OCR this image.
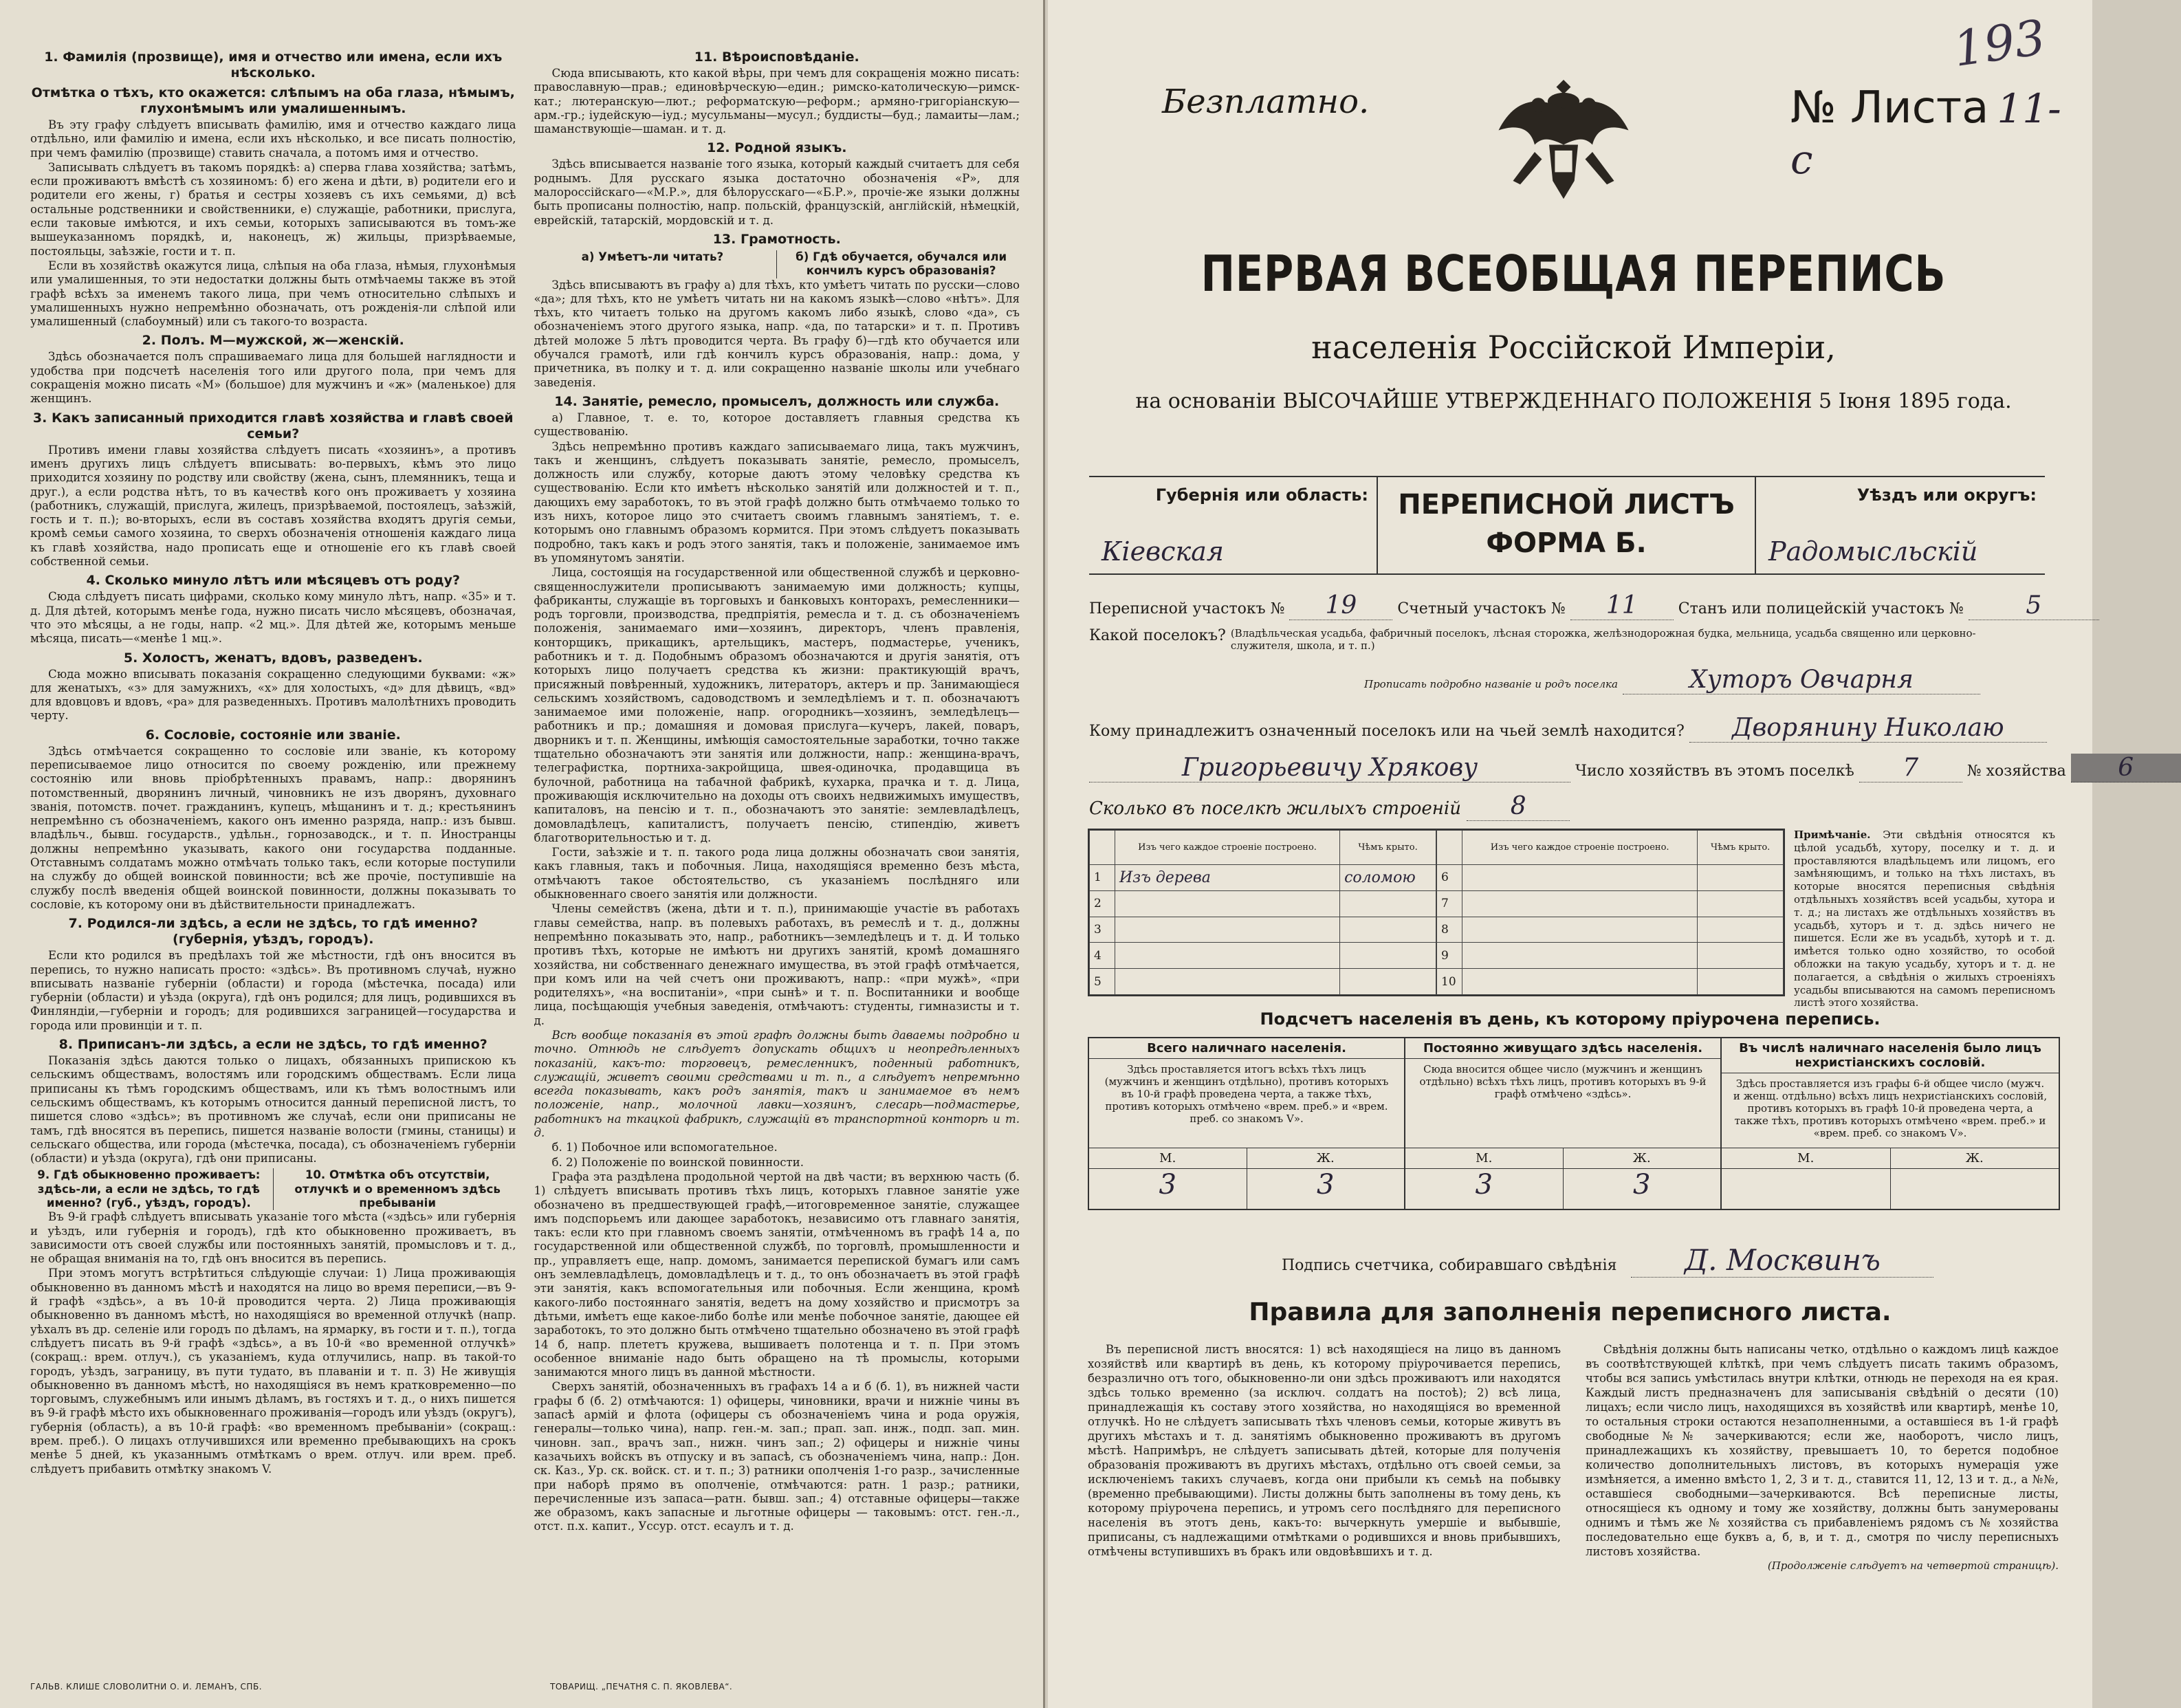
1. Фамилія (прозвище), имя и отчество или имена, если ихъ нѣсколько.
Отмѣтка о тѣхъ, кто окажется: слѣпымъ на оба глаза, нѣмымъ, глухонѣмымъ или умалишеннымъ.

Въ эту графу слѣдуетъ вписывать фамилію, имя и отчество каждаго лица отдѣльно, или фамилію и имена, если ихъ нѣсколько, и все писать полностію, при чемъ фамилію (прозвище) ставить сначала, а потомъ имя и отчество.

Записывать слѣдуетъ въ такомъ порядкѣ: а) сперва глава хозяйства; затѣмъ, если проживаютъ вмѣстѣ съ хозяиномъ: б) его жена и дѣти, в) родители его и родители его жены, г) братья и сестры хозяевъ съ ихъ семьями, д) всѣ остальные родственники и свойственники, е) служащіе, работники, прислуга, если таковые имѣются, и ихъ семьи, которыхъ записываются въ томъ-же вышеуказанномъ порядкѣ, и, наконецъ, ж) жильцы, призрѣваемые, постояльцы, заѣзжіе, гости и т. п.

Если въ хозяйствѣ окажутся лица, слѣпыя на оба глаза, нѣмыя, глухонѣмыя или умалишенныя, то эти недостатки должны быть отмѣчаемы также въ этой графѣ всѣхъ за именемъ такого лица, при чемъ относительно слѣпыхъ и умалишенныхъ нужно непремѣнно обозначать, отъ рожденія-ли слѣпой или умалишенный (слабоумный) или съ такого-то возраста.

2. Полъ. М—мужской, ж—женскій.

Здѣсь обозначается полъ спрашиваемаго лица для большей наглядности и удобства при подсчетѣ населенія того или другого пола, при чемъ для сокращенія можно писать «М» (большое) для мужчинъ и «ж» (маленькое) для женщинъ.

3. Какъ записанный приходится главѣ хозяйства и главѣ своей семьи?

Противъ имени главы хозяйства слѣдуетъ писать «хозяинъ», а противъ именъ другихъ лицъ слѣдуетъ вписывать: во-первыхъ, кѣмъ это лицо приходится хозяину по родству или свойству (жена, сынъ, племянникъ, теща и друг.), а если родства нѣтъ, то въ качествѣ кого онъ проживаетъ у хозяина (работникъ, служащій, прислуга, жилецъ, призрѣваемой, постоялецъ, заѣзжій, гость и т. п.); во-вторыхъ, если въ составъ хозяйства входятъ другія семьи, кромѣ семьи самого хозяина, то сверхъ обозначенія отношенія каждаго лица къ главѣ хозяйства, надо прописать еще и отношеніе его къ главѣ своей собственной семьи.

4. Сколько минуло лѣтъ или мѣсяцевъ отъ роду?

Сюда слѣдуетъ писать цифрами, сколько кому минуло лѣтъ, напр. «35» и т. д. Для дѣтей, которымъ менѣе года, нужно писать число мѣсяцевъ, обозначая, что это мѣсяцы, а не годы, напр. «2 мц.». Для дѣтей же, которымъ меньше мѣсяца, писать—«менѣе 1 мц.».

5. Холостъ, женатъ, вдовъ, разведенъ.

Сюда можно вписывать показанія сокращенно следующими буквами: «ж» для женатыхъ, «з» для замужнихъ, «х» для холостыхъ, «д» для дѣвицъ, «вд» для вдовцовъ и вдовъ, «ра» для разведенныхъ. Противъ малолѣтнихъ проводить черту.

6. Сословіе, состояніе или званіе.

Здѣсь отмѣчается сокращенно то сословіе или званіе, къ которому переписываемое лицо относится по своему рожденію, или прежнему состоянію или вновь пріобрѣтенныхъ правамъ, напр.: дворянинъ потомственный, дворянинъ личный, чиновникъ не изъ дворянъ, духовнаго званія, потомств. почет. гражданинъ, купецъ, мѣщанинъ и т. д.; крестьянинъ непремѣнно съ обозначеніемъ, какого онъ именно разряда, напр.: изъ бывш. владѣльч., бывш. государств., удѣльн., горнозаводск., и т. п. Иностранцы должны непремѣнно указывать, какого они государства подданные. Отставнымъ солдатамъ можно отмѣчать только такъ, если которые поступили на службу до общей воинской повинности; всѣ же прочіе, поступившіе на службу послѣ введенія общей воинской повинности, должны показывать то сословіе, къ которому они въ дѣйствительности принадлежатъ.

7. Родился-ли здѣсь, а если не здѣсь, то гдѣ именно? (губернія, уѣздъ, городъ).

Если кто родился въ предѣлахъ той же мѣстности, гдѣ онъ вносится въ перепись, то нужно написать просто: «здѣсь». Въ противномъ случаѣ, нужно вписывать названіе губерніи (области) и города (мѣстечка, посада) или губерніи (области) и уѣзда (округа), гдѣ онъ родился; для лицъ, родившихся въ Финляндіи,—губерніи и городъ; для родившихся заграницей—государства и города или провинціи и т. п.

8. Приписанъ-ли здѣсь, а если не здѣсь, то гдѣ именно?

Показанія здѣсь даются только о лицахъ, обязанныхъ припискою къ сельскимъ обществамъ, волостямъ или городскимъ обществамъ. Если лица приписаны къ тѣмъ городскимъ обществамъ, или къ тѣмъ волостнымъ или сельскимъ обществамъ, къ которымъ относится данный переписной листъ, то пишется слово «здѣсь»; въ противномъ же случаѣ, если они приписаны не тамъ, гдѣ вносятся въ перепись, пишется названіе волости (гмины, станицы) и сельскаго общества, или города (мѣстечка, посада), съ обозначеніемъ губерніи (области) и уѣзда (округа), гдѣ они приписаны.

9. Гдѣ обыкновенно проживаетъ: здѣсь-ли, а если не здѣсь, то гдѣ именно? (губ., уѣздъ, городъ).
10. Отмѣтка объ отсутствіи, отлучкѣ и о временномъ здѣсь пребываніи

Въ 9-й графѣ слѣдуетъ вписывать указаніе того мѣста («здѣсь» или губернія и уѣздъ, или губернія и городъ), гдѣ кто обыкновенно проживаетъ, въ зависимости отъ своей службы или постоянныхъ занятій, промысловъ и т. д., не обращая вниманія на то, гдѣ онъ вносится въ перепись.

При этомъ могутъ встрѣтиться слѣдующіе случаи: 1) Лица проживающія обыкновенно въ данномъ мѣстѣ и находятся на лицо во время переписи,—въ 9-й графѣ «здѣсь», а въ 10-й проводится черта. 2) Лица проживающія обыкновенно въ данномъ мѣстѣ, но находящіяся во временной отлучкѣ (напр. уѣхалъ въ др. селеніе или городъ по дѣламъ, на ярмарку, въ гости и т. п.), тогда слѣдуетъ писать въ 9-й графѣ «здѣсь», а въ 10-й «во временной отлучкѣ» (сокращ.: врем. отлуч.), съ указаніемъ, куда отлучились, напр. въ такой-то городъ, уѣздъ, заграницу, въ пути тудато, въ плаваніи и т. п. 3) Не живущія обыкновенно въ данномъ мѣстѣ, но находящіяся въ немъ кратковременно—по торговымъ, служебнымъ или инымъ дѣламъ, въ гостяхъ и т. д., о нихъ пишется въ 9-й графѣ мѣсто ихъ обыкновеннаго проживанія—городъ или уѣздъ (округъ), губернія (область), а въ 10-й графѣ: «во временномъ пребываніи» (сокращ.: врем. преб.). О лицахъ отлучившихся или временно пребывающихъ на срокъ менѣе 5 дней, къ указаннымъ отмѣткамъ о врем. отлуч. или врем. преб. слѣдуетъ прибавить отмѣтку знакомъ V.

11. Вѣроисповѣданіе.

Сюда вписывають, кто какой вѣры, при чемъ для сокращенія можно писать: православную—прав.; единовѣрческую—един.; римско-католическую—римск-кат.; лютеранскую—лют.; реформатскую—реформ.; армяно-григоріанскую—арм.-гр.; іудейскую—іуд.; мусульманы—мусул.; буддисты—буд.; ламаиты—лам.; шаманствующіе—шаман. и т. д.

12. Родной языкъ.

Здѣсь вписывается названіе того языка, который каждый считаетъ для себя роднымъ. Для русскаго языка достаточно обозначенія «Р», для малороссійскаго—«М.Р.», для бѣлорусскаго—«Б.Р.», прочіе-же языки должны быть прописаны полностію, напр. польскій, французскій, англійскій, нѣмецкій, еврейскій, татарскій, мордовскій и т. д.

13. Грамотность.
а) Умѣетъ-ли читать?	б) Гдѣ обучается, обучался или кончилъ курсъ образованія?

Здѣсь вписываютъ въ графу а) для тѣхъ, кто умѣетъ читать по русски—слово «да»; для тѣхъ, кто не умѣетъ читать ни на какомъ языкѣ—слово «нѣтъ». Для тѣхъ, кто читаетъ только на другомъ какомъ либо языкѣ, слово «да», съ обозначеніемъ этого другого языка, напр. «да, по татарски» и т. п. Противъ дѣтей моложе 5 лѣтъ проводится черта. Въ графу б)—гдѣ кто обучается или обучался грамотѣ, или гдѣ кончилъ курсъ образованія, напр.: дома, у причетника, въ полку и т. д. или сокращенно названіе школы или учебнаго заведенія.

14. Занятіе, ремесло, промыселъ, должность или служба.

а) Главное, т. е. то, которое доставляетъ главныя средства къ существованію.

Здѣсь непремѣнно противъ каждаго записываемаго лица, такъ мужчинъ, такъ и женщинъ, слѣдуетъ показывать занятіе, ремесло, промыселъ, должность или службу, которые даютъ этому человѣку средства къ существованію. Если кто имѣетъ нѣсколько занятій или должностей и т. п., дающихъ ему заработокъ, то въ этой графѣ должно быть отмѣчаемо только то изъ нихъ, которое лицо это считаетъ своимъ главнымъ занятіемъ, т. е. которымъ оно главнымъ образомъ кормится. При этомъ слѣдуетъ показывать подробно, такъ какъ и родъ этого занятія, такъ и положеніе, занимаемое имъ въ упомянутомъ занятіи.

Лица, состоящія на государственной или общественной службѣ и церковно-священнослужители прописываютъ занимаемую ими должность; купцы, фабриканты, служащіе въ торговыхъ и банковыхъ конторахъ, ремесленники—родъ торговли, производства, предпріятія, ремесла и т. д. съ обозначеніемъ положенія, занимаемаго ими—хозяинъ, директоръ, членъ правленія, конторщикъ, прикащикъ, артельщикъ, мастеръ, подмастерье, ученикъ, работникъ и т. д. Подобнымъ образомъ обозначаются и другія занятія, отъ которыхъ лицо получаетъ средства къ жизни: практикующій врачъ, присяжный повѣренный, художникъ, литераторъ, актеръ и пр. Занимающіеся сельскимъ хозяйствомъ, садоводствомъ и земледѣліемъ и т. п. обозначаютъ занимаемое ими положеніе, напр. огородникъ—хозяинъ, земледѣлецъ—работникъ и пр.; домашняя и домовая прислуга—кучеръ, лакей, поваръ, дворникъ и т. п. Женщины, имѣющія самостоятельные заработки, точно также тщательно обозначаютъ эти занятія или должности, напр.: женщина-врачъ, телеграфистка, портниха-закройщица, швея-одиночка, продавщица въ булочной, работница на табачной фабрикѣ, кухарка, прачка и т. д. Лица, проживающія исключительно на доходы отъ своихъ недвижимыхъ имуществъ, капиталовъ, на пенсію и т. п., обозначаютъ это занятіе: землевладѣлецъ, домовладѣлецъ, капиталистъ, получаетъ пенсію, стипендію, живетъ благотворительностью и т. д.

Гости, заѣзжіе и т. п. такого рода лица должны обозначать свои занятія, какъ главныя, такъ и побочныя. Лица, находящіяся временно безъ мѣста, отмѣчаютъ такое обстоятельство, съ указаніемъ послѣдняго или обыкновеннаго своего занятія или должности.

Члены семействъ (жена, дѣти и т. п.), принимающіе участіе въ работахъ главы семейства, напр. въ полевыхъ работахъ, въ ремеслѣ и т. д., должны непремѣнно показывать это, напр., работникъ—земледѣлецъ и т. д. И только противъ тѣхъ, которые не имѣютъ ни другихъ занятій, кромѣ домашняго хозяйства, ни собственнаго денежнаго имущества, въ этой графѣ отмѣчается, при комъ или на чей счетъ они проживаютъ, напр.: «при мужѣ», «при родителяхъ», «на воспитаніи», «при сынѣ» и т. п. Воспитанники и вообще лица, посѣщающія учебныя заведенія, отмѣчаютъ: студенты, гимназисты и т. д.

Всѣ вообще показанія въ этой графѣ должны быть даваемы подробно и точно. Отнюдь не слѣдуетъ допускать общихъ и неопредѣленныхъ показаній, какъ-то: торговецъ, ремесленникъ, поденный работникъ, служащій, живетъ своими средствами и т. п., а слѣдуетъ непремѣнно всегда показывать, какъ родъ занятія, такъ и занимаемое въ немъ положеніе, напр., молочной лавки—хозяинъ, слесарь—подмастерье, работникъ на ткацкой фабрикѣ, служащій въ транспортной конторѣ и т. д.

б. 1) Побочное или вспомогательное.

б. 2) Положеніе по воинской повинности.

Графа эта раздѣлена продольной чертой на двѣ части; въ верхнюю часть (б. 1) слѣдуетъ вписывать противъ тѣхъ лицъ, которыхъ главное занятіе уже обозначено въ предшествующей графѣ,—итоговременное занятіе, служащее имъ подспорьемъ или дающее заработокъ, независимо отъ главнаго занятія, такъ: если кто при главномъ своемъ занятіи, отмѣченномъ въ графѣ 14 а, по государственной или общественной службѣ, по торговлѣ, промышленности и пр., управляетъ еще, напр. домомъ, занимается перепиской бумагъ или самъ онъ землевладѣлецъ, домовладѣлецъ и т. д., то онъ обозначаетъ въ этой графѣ эти занятія, какъ вспомогательныя или побочныя. Если женщина, кромѣ какого-либо постояннаго занятія, ведетъ на дому хозяйство и присмотръ за дѣтьми, имѣетъ еще какое-либо болѣе или менѣе побочное занятіе, дающее ей заработокъ, то это должно быть отмѣчено тщательно обозначено въ этой графѣ 14 б, напр. плететъ кружева, вышиваетъ полотенца и т. п. При этомъ особенное вниманіе надо быть обращено на тѣ промыслы, которыми занимаются много лицъ въ данной мѣстности.

Сверхъ занятій, обозначенныхъ въ графахъ 14 а и б (б. 1), въ нижней части графы б (б. 2) отмѣчаются: 1) офицеры, чиновники, врачи и нижніе чины въ запасѣ армій и флота (офицеры съ обозначеніемъ чина и рода оружія, генералы—только чина), напр. ген.-м. зап.; прап. зап. инж., подп. зап. мин. чиновн. зап., врачъ зап., нижн. чинъ зап.; 2) офицеры и нижніе чины казачьихъ войскъ въ отпуску и въ запасѣ, съ обозначеніемъ чина, напр.: Дон. ск. Каз., Ур. ск. войск. ст. и т. п.; 3) ратники ополченія 1-го разр., зачисленные при наборѣ прямо въ ополченіе, отмѣчаются: ратн. 1 разр.; ратники, перечисленные изъ запаса—ратн. бывш. зап.; 4) отставные офицеры—также же образомъ, какъ запасные и льготные офицеры — таковымъ: отст. ген.-л., отст. п.х. капит., Уссур. отст. есаулъ и т. д.

ГАЛЬВ. КЛИШЕ СЛОВОЛИТНИ О. И. ЛЕМАНЪ, СПБ.	ТОВАРИЩ. „ПЕЧАТНЯ С. П. ЯКОВЛЕВА“.
Безплатно.	№ Листа 11-с
193
ПЕРВАЯ ВСЕОБЩАЯ ПЕРЕПИСЬ
населенія Россійской Имперіи,
на основаніи ВЫСОЧАЙШЕ УТВЕРЖДЕННАГО ПОЛОЖЕНІЯ 5 Іюня 1895 года.
Губернія или область:
Кіевская
ПЕРЕПИСНОЙ ЛИСТЪ
ФОРМА Б.
Уѣздъ или округъ:
Радомысльскій
Переписной участокъ № 19	Счетный участокъ № 11	Станъ или полицейскій участокъ №	5
Какой поселокъ? (Владѣльческая усадьба, фабричный поселокъ, лѣсная сторожка, желѣзнодорожная будка, мельница, усадьба священно или церковно-служителя, школа, и т. п.)
Прописать подробно названіе и родъ поселка	Хуторъ Овчарня
Кому принадлежитъ означенный поселокъ или на чьей землѣ находится? Дворянину Николаю
Григорьевичу Хрякову	Число хозяйствъ въ этомъ поселкѣ 7	№ хозяйства 6
Сколько въ поселкѣ жилыхъ строеній 8
	Изъ чего каждое строеніе построено.	Чѣмъ крыто.
1	Изъ дерева	соломою
2		
3		
4		
5		
	Изъ чего каждое строеніе построено.	Чѣмъ крыто.
6		
7		
8		
9		
10		
Примѣчаніе. Эти свѣдѣнія относятся къ цѣлой усадьбѣ, хутору, поселку и т. д. и проставляются владѣльцемъ или лицомъ, его замѣняющимъ, и только на тѣхъ листахъ, въ которые вносятся переписныя свѣдѣнія отдѣльныхъ хозяйствъ всей усадьбы, хутора и т. д.; на листахъ же отдѣльныхъ хозяйствъ въ усадьбѣ, хуторъ и т. д. здѣсь ничего не пишется. Если же въ усадьбѣ, хуторѣ и т. д. имѣется только одно хозяйство, то особой обложки на такую усадьбу, хуторъ и т. д. не полагается, а свѣдѣнія о жилыхъ строеніяхъ усадьбы вписываются на самомъ переписномъ листѣ этого хозяйства.
Подсчетъ населенія въ день, къ которому пріурочена перепись.
Всего наличнаго населенія.
Здѣсь проставляется итогъ всѣхъ тѣхъ лицъ (мужчинъ и женщинъ отдѣльно), противъ которыхъ въ 10-й графѣ проведена черта, а также тѣхъ, противъ которыхъ отмѣчено «врем. преб.» и «врем. преб. со знакомъ V».
М.	Ж.
3	3
Постоянно живущаго здѣсь населенія.
Сюда вносится общее число (мужчинъ и женщинъ отдѣльно) всѣхъ тѣхъ лицъ, противъ которыхъ въ 9-й графѣ отмѣчено «здѣсь».
М.	Ж.
3	3
Въ числѣ наличнаго населенія было лицъ нехристіанскихъ сословій.
Здѣсь проставляется изъ графы 6-й общее число (мужч. и женщ. отдѣльно) всѣхъ лицъ нехристіанскихъ сословій, противъ которыхъ въ графѣ 10-й проведена черта, а также тѣхъ, противъ которыхъ отмѣчено «врем. преб.» и «врем. преб. со знакомъ V».
М.	Ж.
Подпись счетчика, собиравшаго свѣдѣнія Д. Москвинъ
Правила для заполненія переписного листа.

Въ переписной листъ вносятся: 1) всѣ находящіеся на лицо въ данномъ хозяйствѣ или квартирѣ въ день, къ которому пріурочивается перепись, безразлично отъ того, обыкновенно-ли они здѣсь проживаютъ или находятся здѣсь только временно (за исключ. солдатъ на постоѣ); 2) всѣ лица, принадлежащія къ составу этого хозяйства, но находящіяся во временной отлучкѣ. Но не слѣдуетъ записывать тѣхъ членовъ семьи, которые живутъ въ другихъ мѣстахъ и т. д. занятіямъ обыкновенно проживаютъ въ другомъ мѣстѣ. Напримѣръ, не слѣдуетъ записывать дѣтей, которые для полученія образованія проживаютъ въ другихъ мѣстахъ, отдѣльно отъ своей семьи, за исключеніемъ такихъ случаевъ, когда они прибыли къ семьѣ на побывку (временно пребывающими). Листы должны быть заполнены въ тому день, къ которому пріурочена перепись, и утромъ сего послѣдняго для переписного населенія въ этотъ день, какъ-то: вычеркнуть умершіе и выбывшіе, приписаны, съ надлежащими отмѣтками о родившихся и вновь прибывшихъ, отмѣчены вступившихъ въ бракъ или овдовѣвшихъ и т. д.

Свѣдѣнія должны быть написаны четко, отдѣльно о каждомъ лицѣ каждое въ соотвѣтствующей клѣткѣ, при чемъ слѣдуетъ писать такимъ образомъ, чтобы вся запись умѣстилась внутри клѣтки, отнюдь не переходя на ея края. Каждый листъ предназначенъ для записыванія свѣдѣній о десяти (10) лицахъ; если число лицъ, находящихся въ хозяйствѣ или квартирѣ, менѣе 10, то остальныя строки остаются незаполненными, а оставшіеся въ 1-й графѣ свободные №№ зачеркиваются; если же, наоборотъ, число лицъ, принадлежащихъ къ хозяйству, превышаетъ 10, то берется подобное количество дополнительныхъ листовъ, въ которыхъ нумерація уже измѣняется, а именно вмѣсто 1, 2, 3 и т. д., ставится 11, 12, 13 и т. д., а №№, оставшіеся свободными—зачеркиваются. Всѣ переписные листы, относящіеся къ одному и тому же хозяйству, должны быть занумерованы однимъ и тѣмъ же № хозяйства съ прибавленіемъ рядомъ съ № хозяйства последовательно еще буквъ а, б, в, и т. д., смотря по числу переписныхъ листовъ хозяйства.

(Продолженіе слѣдуетъ на четвертой страницѣ).
